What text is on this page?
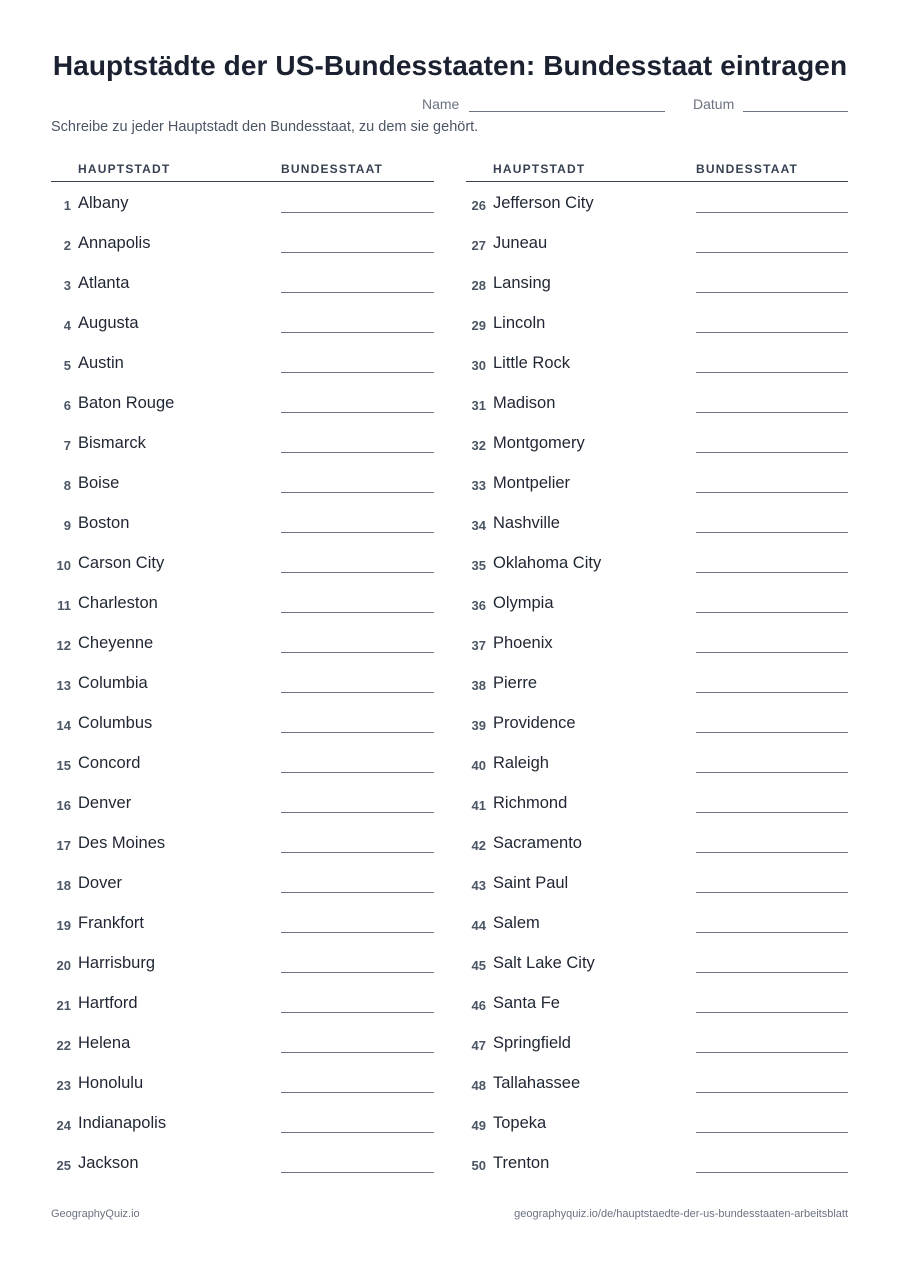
Hauptstädte der US-Bundesstaaten: Bundesstaat eintragen
Name	Datum

Schreibe zu jeder Hauptstadt den Bundesstaat, zu dem sie gehört.

HAUPTSTADT	BUNDESSTAAT
1 Albany
2 Annapolis
3 Atlanta
4 Augusta
5 Austin
6 Baton Rouge
7 Bismarck
8 Boise
9 Boston
10 Carson City
11 Charleston
12 Cheyenne
13 Columbia
14 Columbus
15 Concord
16 Denver
17 Des Moines
18 Dover
19 Frankfort
20 Harrisburg
21 Hartford
22 Helena
23 Honolulu
24 Indianapolis
25 Jackson
HAUPTSTADT	BUNDESSTAAT
26 Jefferson City
27 Juneau
28 Lansing
29 Lincoln
30 Little Rock
31 Madison
32 Montgomery
33 Montpelier
34 Nashville
35 Oklahoma City
36 Olympia
37 Phoenix
38 Pierre
39 Providence
40 Raleigh
41 Richmond
42 Sacramento
43 Saint Paul
44 Salem
45 Salt Lake City
46 Santa Fe
47 Springfield
48 Tallahassee
49 Topeka
50 Trenton
GeographyQuiz.io	geographyquiz.io/de/hauptstaedte-der-us-bundesstaaten-arbeitsblatt
